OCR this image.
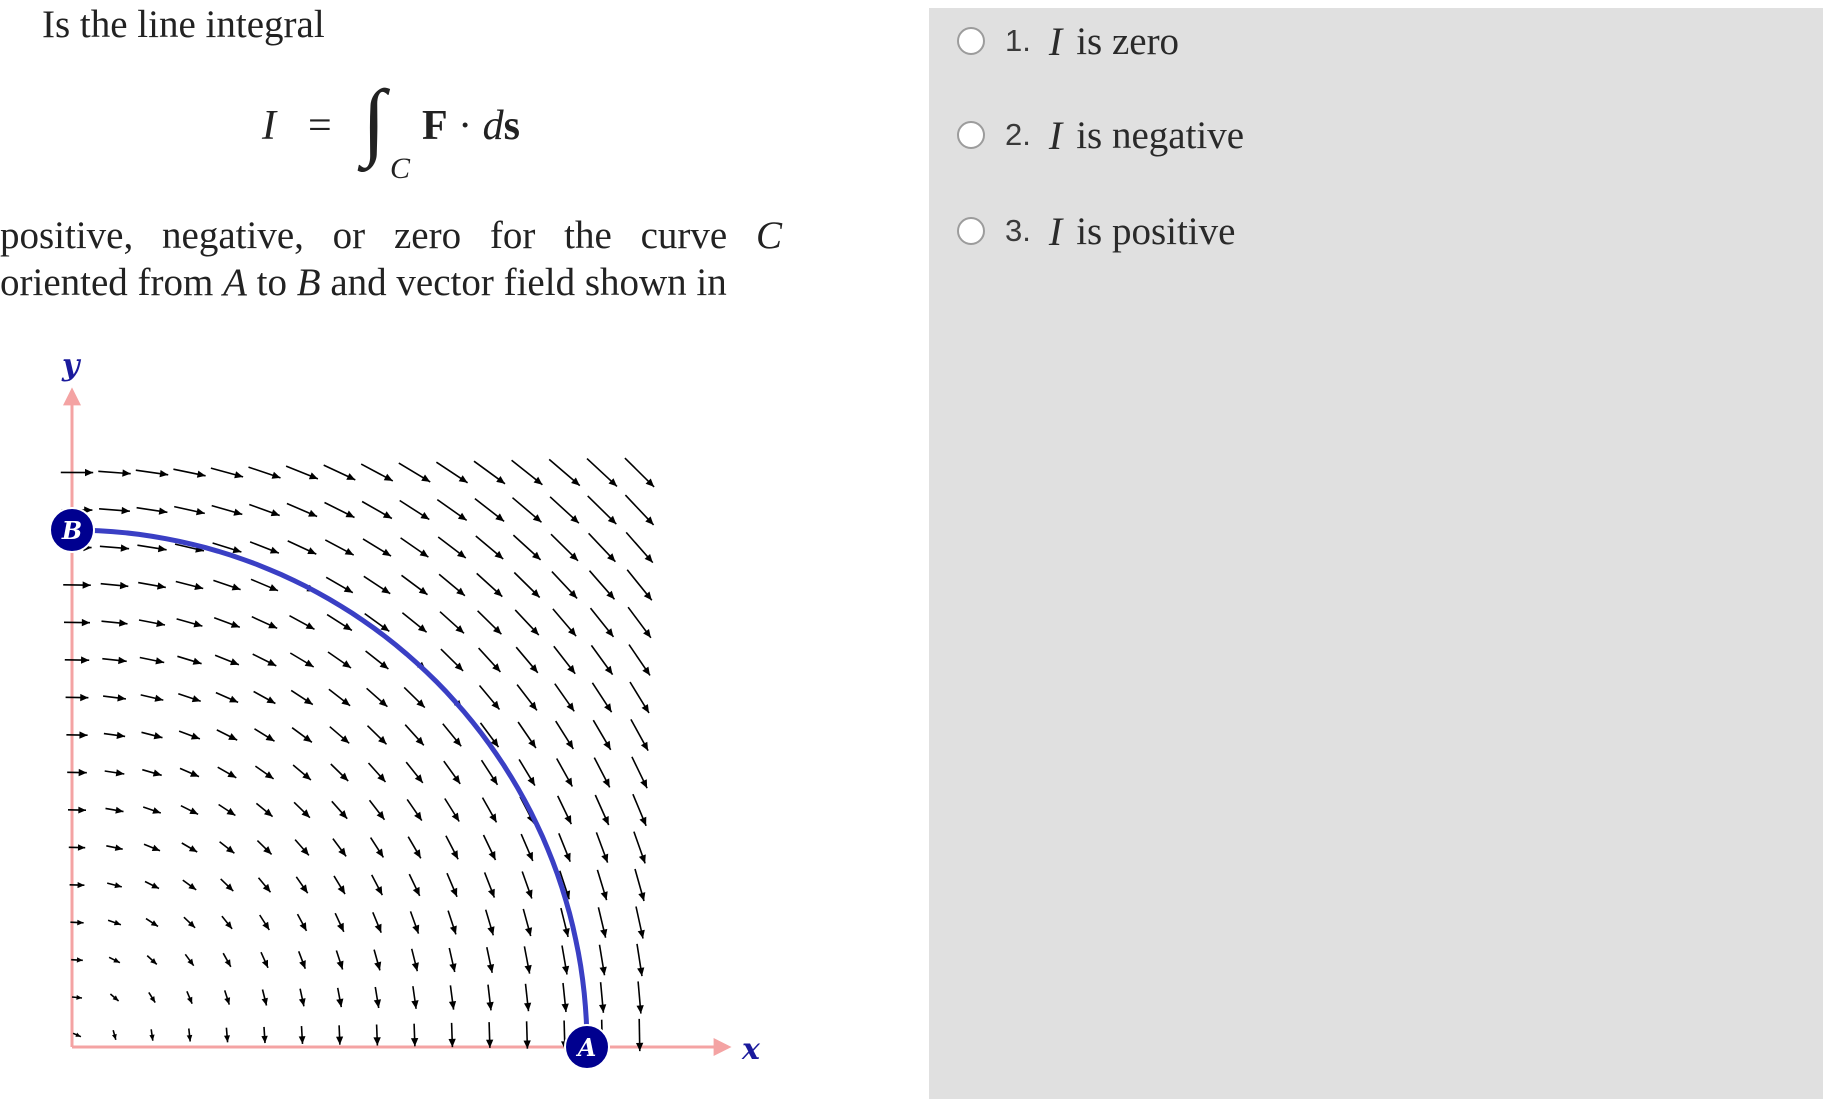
Is the line integral
I = ∫
C
F · ds
positive, negative, or zero for the curve C oriented from A to B and vector field shown in
y
x
B
A
1. I is zero
2. I is negative
3. I is positive
